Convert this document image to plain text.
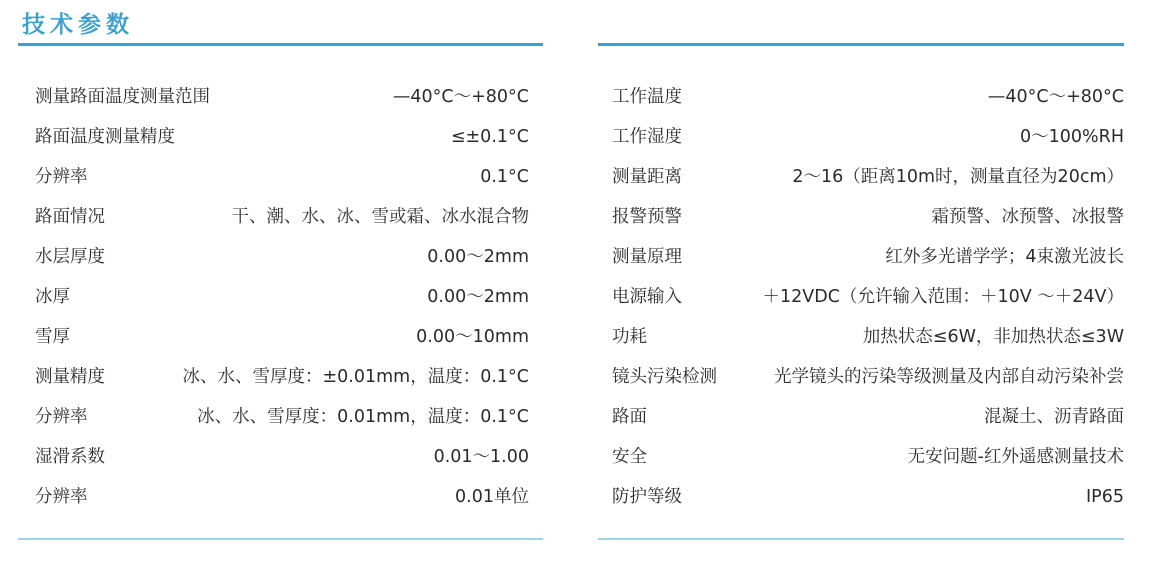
技术参数
测量路面温度测量范围	—40°C～+80°C
路面温度测量精度	≤±0.1°C
分辨率	0.1°C
路面情况	干、潮、水、冰、雪或霜、冰水混合物
水层厚度	0.00～2mm
冰厚	0.00～2mm
雪厚	0.00～10mm
测量精度	冰、水、雪厚度：±0.01mm，温度：0.1°C
分辨率	冰、水、雪厚度：0.01mm，温度：0.1°C
湿滑系数	0.01～1.00
分辨率	0.01单位
工作温度	—40°C～+80°C
工作湿度	0～100%RH
测量距离	2～16（距离10m时，测量直径为20cm）
报警预警	霜预警、冰预警、冰报警
测量原理	红外多光谱学学；4束激光波长
电源输入	＋12VDC（允许输入范围：＋10V ～＋24V）
功耗	加热状态≤6W，非加热状态≤3W
镜头污染检测	光学镜头的污染等级测量及内部自动污染补尝
路面	混凝土、沥青路面
安全	无安问题-红外遥感测量技术
防护等级	IP65
